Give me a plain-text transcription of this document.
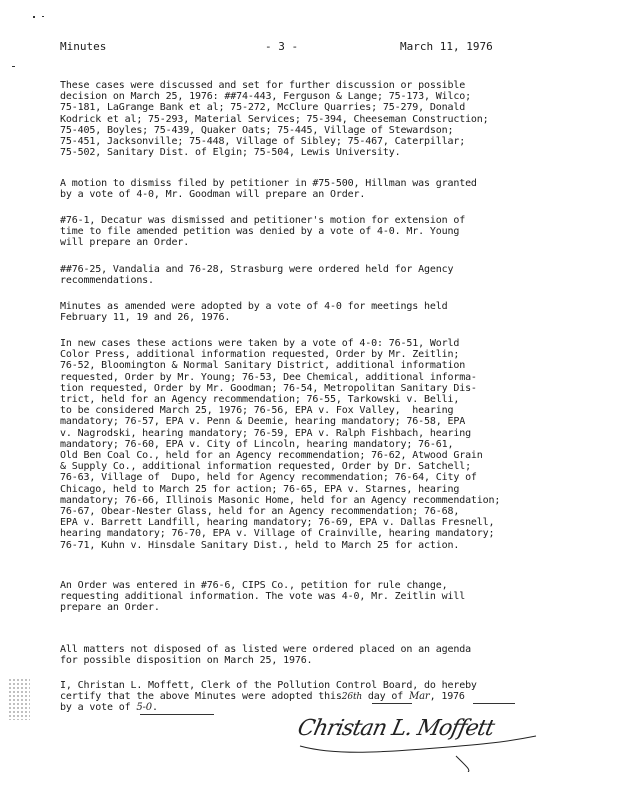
Minutes	- 3 -	March 11, 1976
These cases were discussed and set for further discussion or possible
decision on March 25, 1976: ##74-443, Ferguson & Lange; 75-173, Wilco;
75-181, LaGrange Bank et al; 75-272, McClure Quarries; 75-279, Donald
Kodrick et al; 75-293, Material Services; 75-394, Cheeseman Construction;
75-405, Boyles; 75-439, Quaker Oats; 75-445, Village of Stewardson;
75-451, Jacksonville; 75-448, Village of Sibley; 75-467, Caterpillar;
75-502, Sanitary Dist. of Elgin; 75-504, Lewis University.
A motion to dismiss filed by petitioner in #75-500, Hillman was granted
by a vote of 4-0, Mr. Goodman will prepare an Order.
#76-1, Decatur was dismissed and petitioner's motion for extension of
time to file amended petition was denied by a vote of 4-0. Mr. Young
will prepare an Order.
##76-25, Vandalia and 76-28, Strasburg were ordered held for Agency
recommendations.
Minutes as amended were adopted by a vote of 4-0 for meetings held
February 11, 19 and 26, 1976.
In new cases these actions were taken by a vote of 4-0: 76-51, World
Color Press, additional information requested, Order by Mr. Zeitlin;
76-52, Bloomington & Normal Sanitary District, additional information
requested, Order by Mr. Young; 76-53, Dee Chemical, additional informa-
tion requested, Order by Mr. Goodman; 76-54, Metropolitan Sanitary Dis-
trict, held for an Agency recommendation; 76-55, Tarkowski v. Belli,
to be considered March 25, 1976; 76-56, EPA v. Fox Valley,  hearing
mandatory; 76-57, EPA v. Penn & Deemie, hearing mandatory; 76-58, EPA
v. Nagrodski, hearing mandatory; 76-59, EPA v. Ralph Fishbach, hearing
mandatory; 76-60, EPA v. City of Lincoln, hearing mandatory; 76-61,
Old Ben Coal Co., held for an Agency recommendation; 76-62, Atwood Grain
& Supply Co., additional information requested, Order by Dr. Satchell;
76-63, Village of  Dupo, held for Agency recommendation; 76-64, City of
Chicago, held to March 25 for action; 76-65, EPA v. Starnes, hearing
mandatory; 76-66, Illinois Masonic Home, held for an Agency recommendation;
76-67, Obear-Nester Glass, held for an Agency recommendation; 76-68,
EPA v. Barrett Landfill, hearing mandatory; 76-69, EPA v. Dallas Fresnell,
hearing mandatory; 76-70, EPA v. Village of Crainville, hearing mandatory;
76-71, Kuhn v. Hinsdale Sanitary Dist., held to March 25 for action.
An Order was entered in #76-6, CIPS Co., petition for rule change,
requesting additional information. The vote was 4-0, Mr. Zeitlin will
prepare an Order.
All matters not disposed of as listed were ordered placed on an agenda
for possible disposition on March 25, 1976.
I, Christan L. Moffett, Clerk of the Pollution Control Board, do hereby
certify that the above Minutes were adopted this26th day of Mar, 1976
by a vote of 5-0.
Christan L. Moffett
